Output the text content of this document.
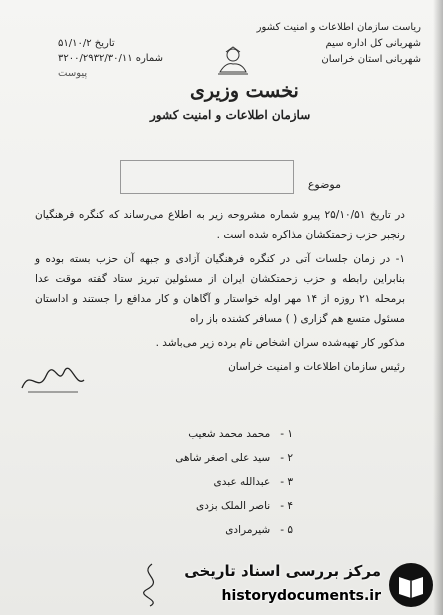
ریاست سازمان اطلاعات و امنیت کشور
شهربانی کل اداره سیم
شهربانی استان خراسان
تاریخ ۵۱/۱۰/۲
شماره ۳۲۰۰/۲۹۳۲/۳۰/۱۱
پیوست
نخست وزیری
سازمان اطلاعات و امنیت کشور
موضوع

در تاریخ ۲۵/۱۰/۵۱ پیرو شماره مشروحه زیر به اطلاع می‌رساند که کنگره فرهنگیان رنجبر حزب زحمتکشان مذاکره شده است .

۱- در زمان جلسات آتی در کنگره فرهنگیان آزادی و جبهه آن حزب بسته بوده و بنابراین رابطه و حزب زحمتکشان ایران از مسئولین تبریز ستاد گفته موقت عدا برمحله ۲۱ روزه از ۱۴ مهر اوله خواستار و آگاهان و کار مدافع را جستند و اداستان مسئول متسع هم گزاری ( ) مسافر کشنده باز راه

مذکور کار تهیه‌شده سران اشخاص نام برده زیر می‌باشد .

رئیس سازمان اطلاعات و امنیت خراسان

۱ -
محمد محمد شعیب
۲ -
سید علی اصغر شاهی
۳ -
عبدالله عبدی
۴ -
ناصر الملک بزدی
۵ -
شیرمرادی
مرکز بررسی اسناد تاریخی
historydocuments.ir
